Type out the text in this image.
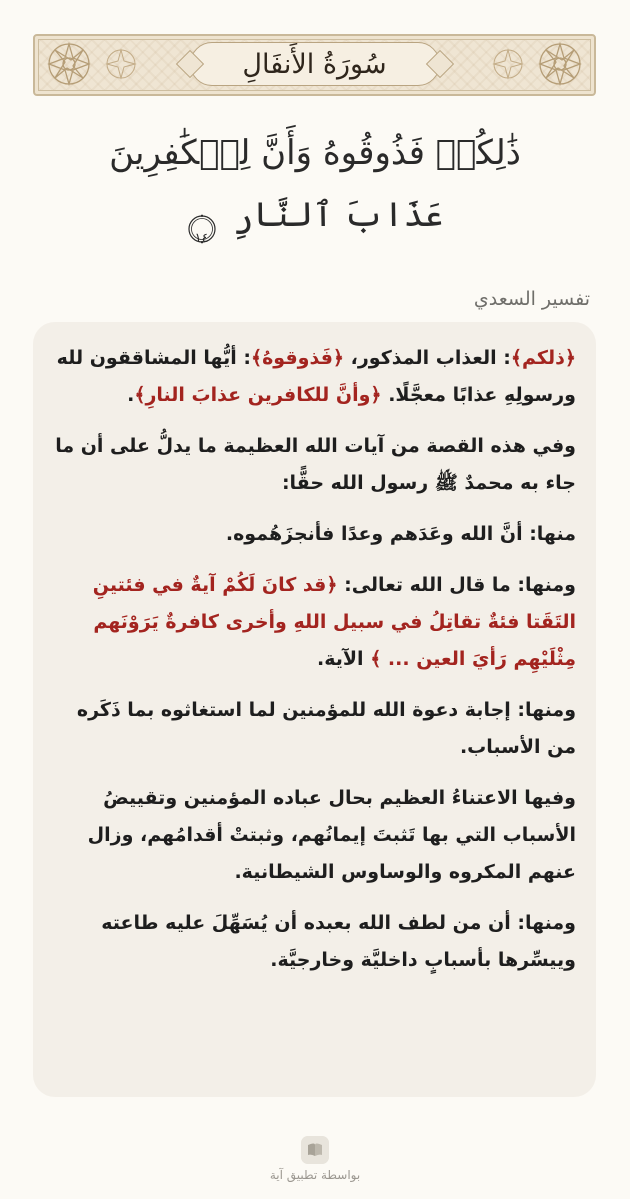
سُورَةُ الأَنفَالِ
ذَٰلِكُمۡ فَذُوقُوهُ وَأَنَّ لِلۡكَٰفِرِينَ
عَذَابَ ٱلنَّارِ
١٤
تفسير السعدي

﴿ذلكم﴾: العذاب المذكور، ﴿فَذوقوهُ﴾: أيُّها المشاققون لله ورسولِهِ عذابًا معجَّلًا. ﴿وأنَّ للكافرين عذابَ النارِ﴾.

وفي هذه القصة من آيات الله العظيمة ما يدلُّ على أن ما جاء به محمدٌ ﷺ رسول الله حقًّا:

منها: أنَّ الله وعَدَهم وعدًا فأنجزَهُموه.

ومنها: ما قال الله تعالى: ﴿قد كانَ لَكُمْ آيةٌ في فئتينِ التَقَتا فئةٌ تقاتِلُ في سبيل اللهِ وأخرى كافرةٌ يَرَوْنَهم مِثْلَيْهِم رَأيَ العين ... ﴾ الآية.

ومنها: إجابة دعوة الله للمؤمنين لما استغاثوه بما ذَكَره من الأسباب.

وفيها الاعتناءُ العظيم بحال عباده المؤمنين وتقييضُ الأسباب التي بها تَثبتَ إيمانُهم، وثبتتْ أقدامُهم، وزال عنهم المكروه والوساوس الشيطانية.

ومنها: أن من لطف الله بعبده أن يُسَهِّلَ عليه طاعته وييسِّرها بأسبابٍ داخليَّة وخارجيَّة.

بواسطة تطبيق آية
